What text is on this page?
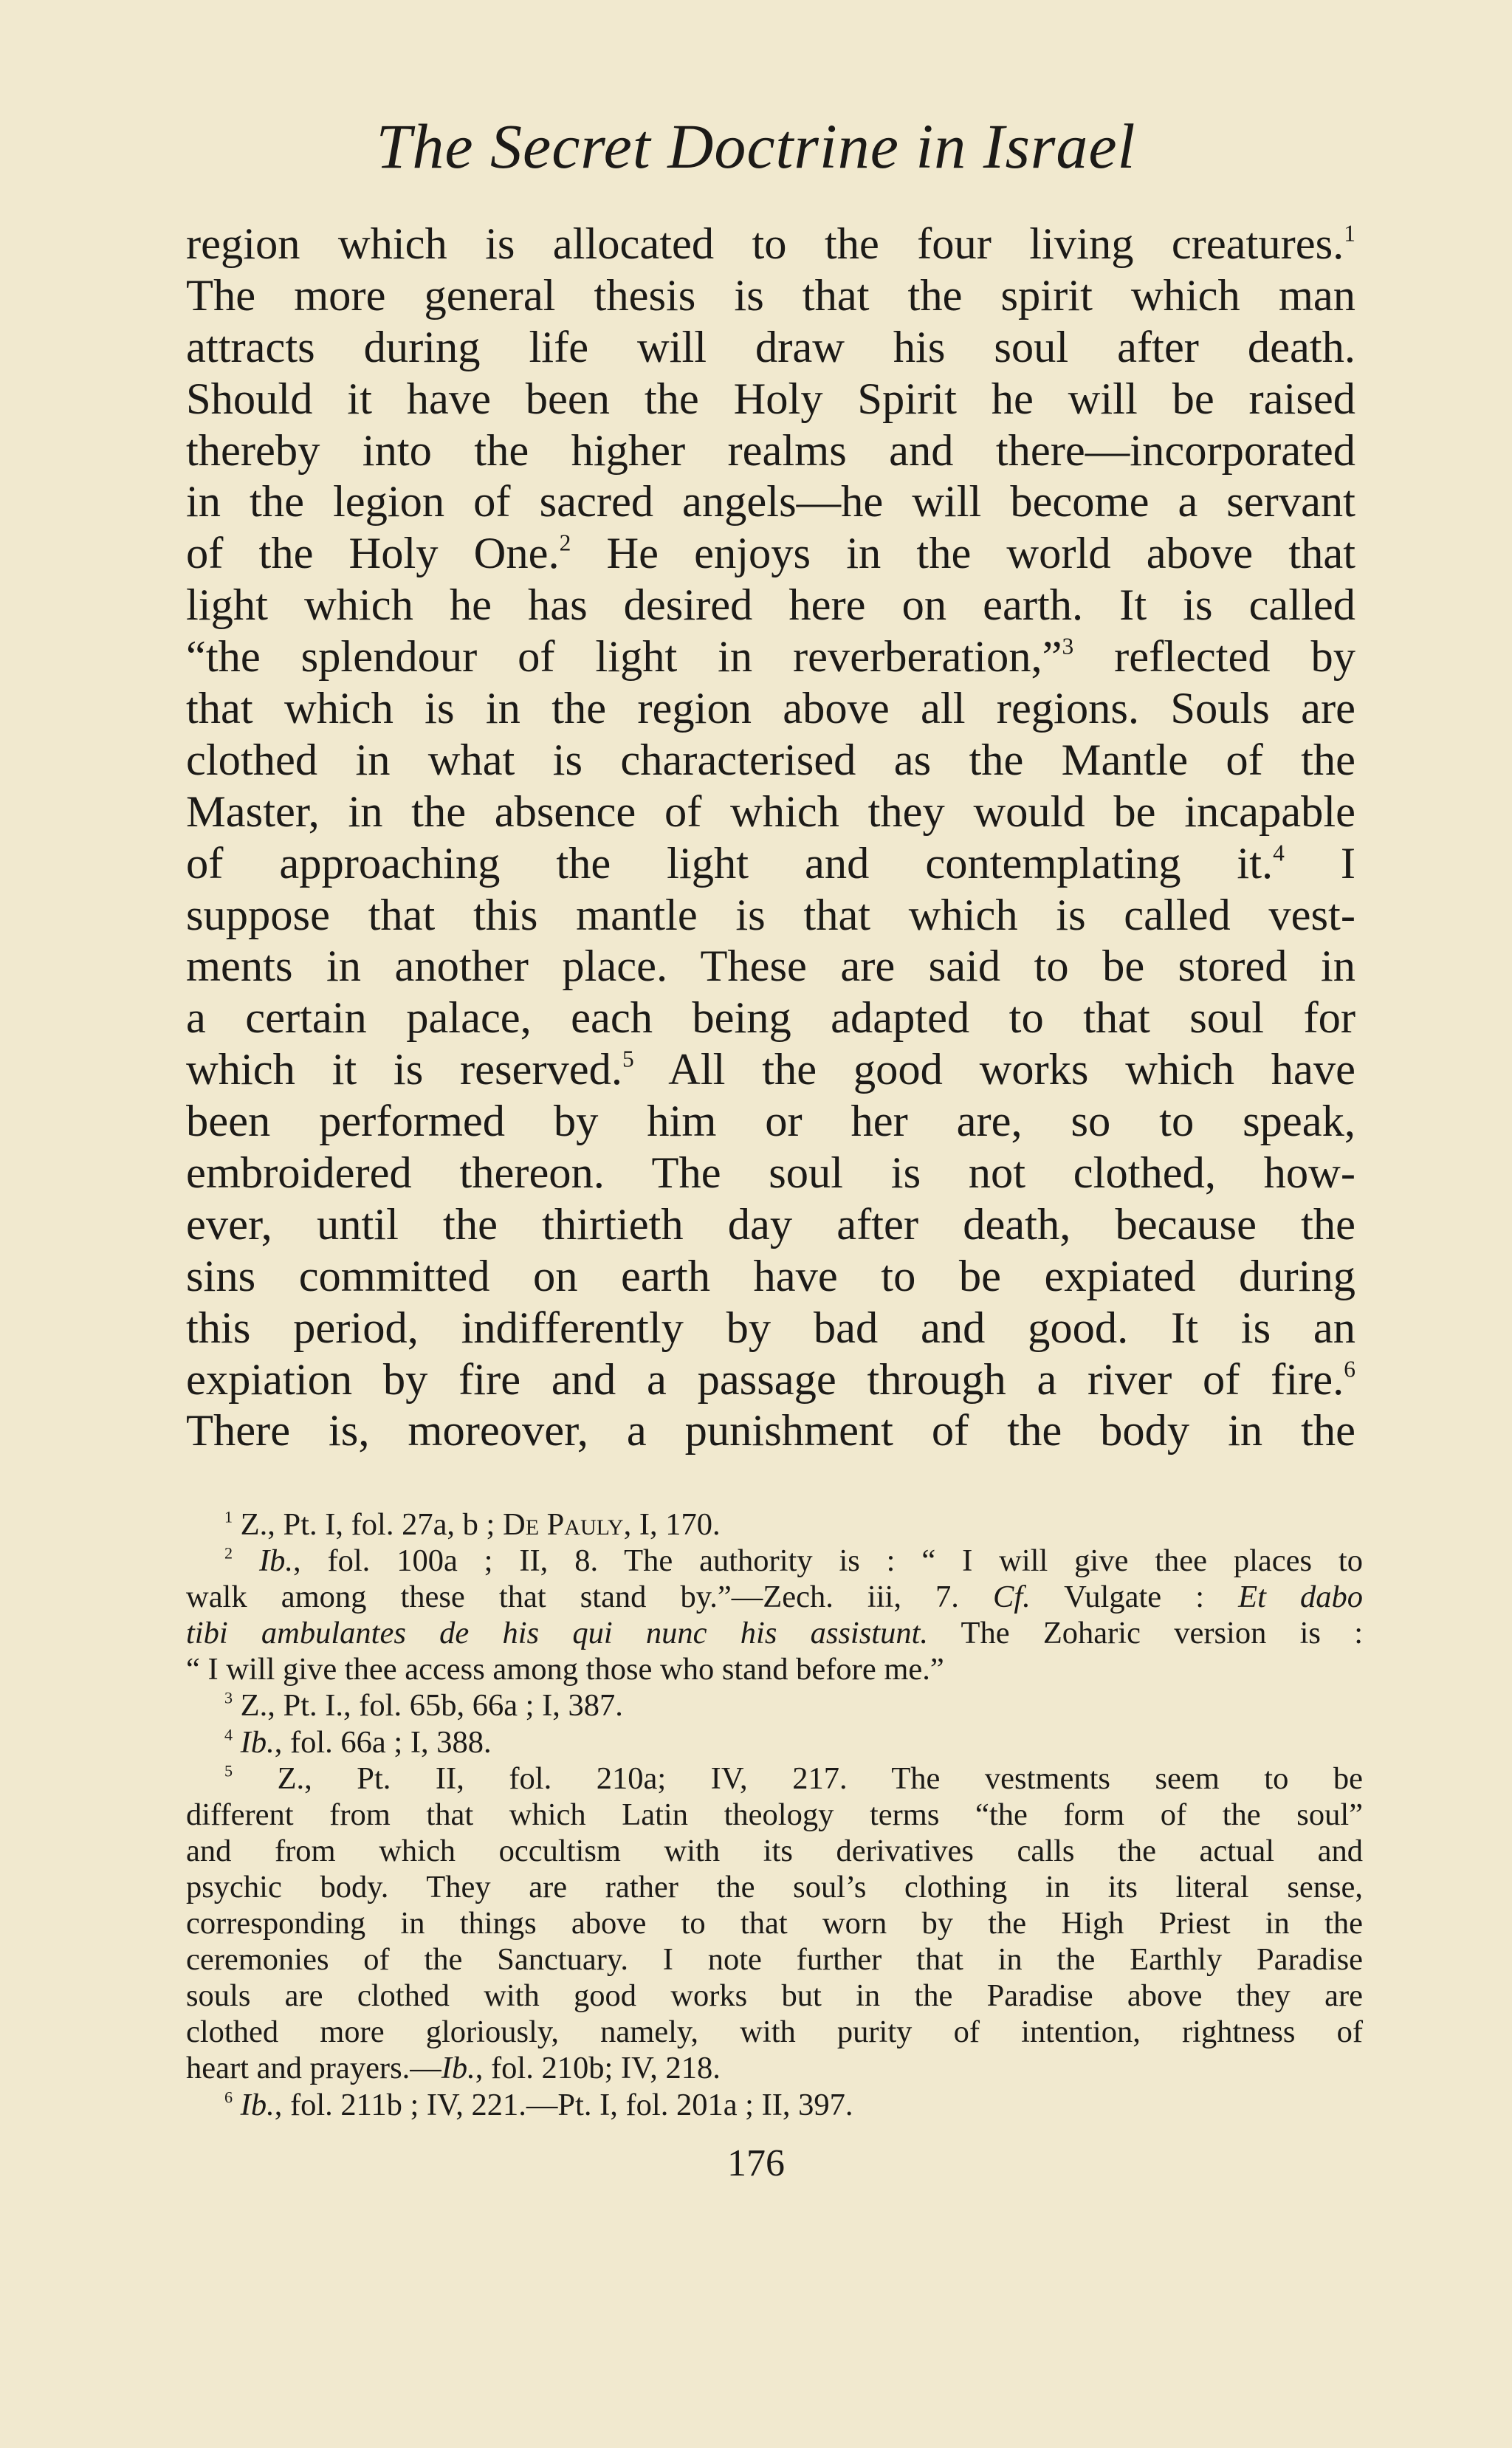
The Secret Doctrine in Israel
region which is allocated to the four living creatures.$^1$
The more general thesis is that the spirit which man
attracts during life will draw his soul after death.
Should it have been the Holy Spirit he will be raised
thereby into the higher realms and there—incorporated
in the legion of sacred angels—he will become a servant
of the Holy One.$^2$ He enjoys in the world above that
light which he has desired here on earth. It is called
“the splendour of light in reverberation,”$^3$ reflected by
that which is in the region above all regions. Souls are
clothed in what is characterised as the Mantle of the
Master, in the absence of which they would be incapable
of approaching the light and contemplating it.$^4$ I
suppose that this mantle is that which is called vest-
ments in another place. These are said to be stored in
a certain palace, each being adapted to that soul for
which it is reserved.$^5$ All the good works which have
been performed by him or her are, so to speak,
embroidered thereon. The soul is not clothed, how-
ever, until the thirtieth day after death, because the
sins committed on earth have to be expiated during
this period, indifferently by bad and good. It is an
expiation by fire and a passage through a river of fire.$^6$
There is, moreover, a punishment of the body in the
$^1$ Z., Pt. I, fol. 27a, b ; De Pauly, I, 170.
$^2$ Ib., fol. 100a ; II, 8. The authority is : “ I will give thee places to
walk among these that stand by.”—Zech. iii, 7. Cf. Vulgate : Et dabo
tibi ambulantes de his qui nunc his assistunt. The Zoharic version is :
“ I will give thee access among those who stand before me.”
$^3$ Z., Pt. I., fol. 65b, 66a ; I, 387.
$^4$ Ib., fol. 66a ; I, 388.
$^5$ Z., Pt. II, fol. 210a; IV, 217. The vestments seem to be
different from that which Latin theology terms “the form of the soul”
and from which occultism with its derivatives calls the actual and
psychic body. They are rather the soul’s clothing in its literal sense,
corresponding in things above to that worn by the High Priest in the
ceremonies of the Sanctuary. I note further that in the Earthly Paradise
souls are clothed with good works but in the Paradise above they are
clothed more gloriously, namely, with purity of intention, rightness of
heart and prayers.—Ib., fol. 210b; IV, 218.
$^6$ Ib., fol. 211b ; IV, 221.—Pt. I, fol. 201a ; II, 397.
176
